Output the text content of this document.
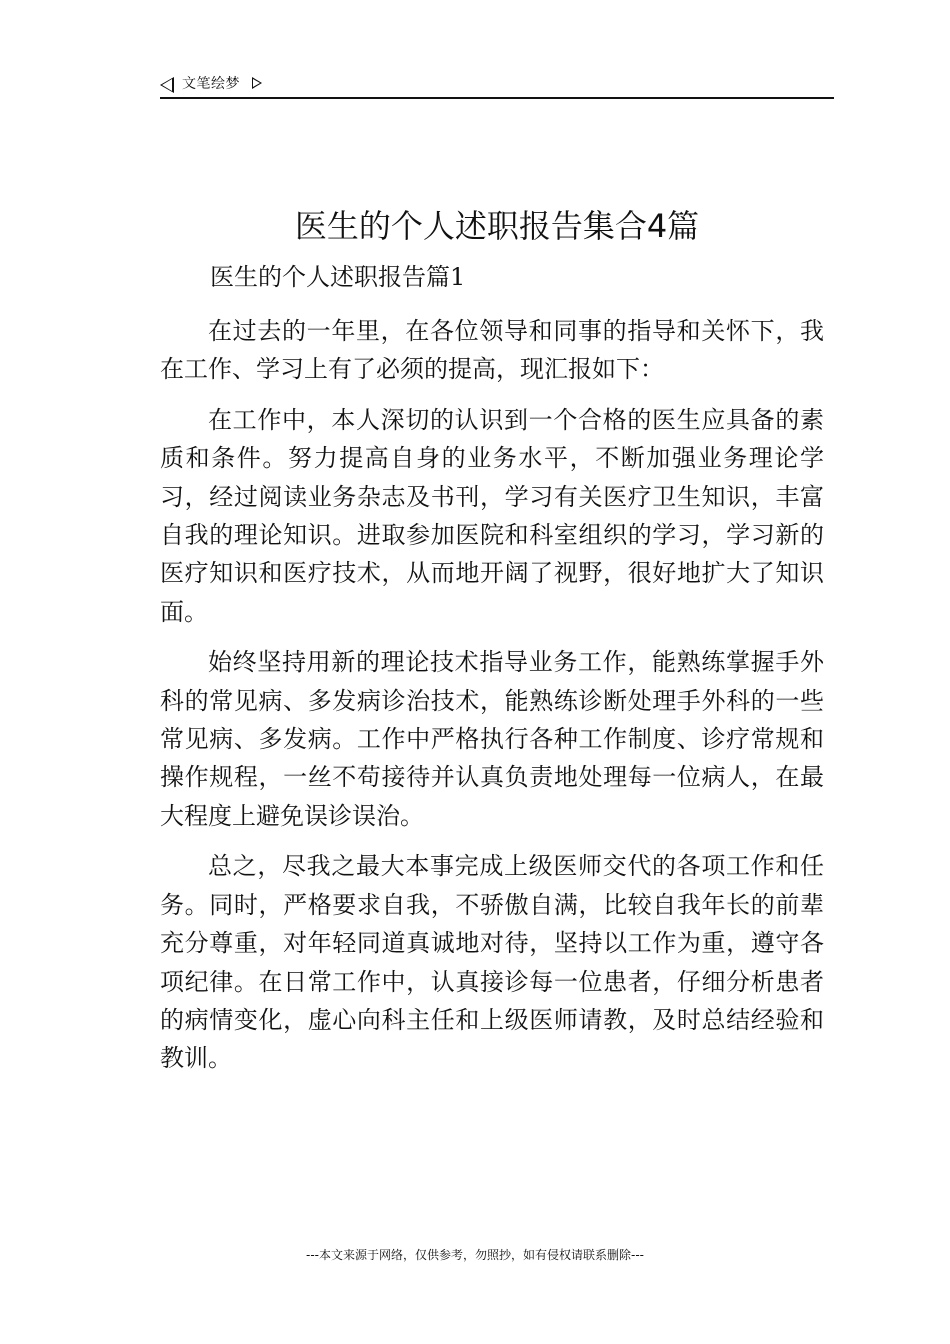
文笔绘梦
医生的个人述职报告集合4篇
医生的个人述职报告篇1

在过去的一年里，在各位领导和同事的指导和关怀下，我在工作、学习上有了必须的提高，现汇报如下：

在工作中，本人深切的认识到一个合格的医生应具备的素质和条件。努力提高自身的业务水平，不断加强业务理论学习，经过阅读业务杂志及书刊，学习有关医疗卫生知识，丰富自我的理论知识。进取参加医院和科室组织的学习，学习新的医疗知识和医疗技术，从而地开阔了视野，很好地扩大了知识面。

始终坚持用新的理论技术指导业务工作，能熟练掌握手外科的常见病、多发病诊治技术，能熟练诊断处理手外科的一些常见病、多发病。工作中严格执行各种工作制度、诊疗常规和操作规程，一丝不苟接待并认真负责地处理每一位病人，在最大程度上避免误诊误治。

总之，尽我之最大本事完成上级医师交代的各项工作和任务。同时，严格要求自我，不骄傲自满，比较自我年长的前辈充分尊重，对年轻同道真诚地对待，坚持以工作为重，遵守各项纪律。在日常工作中，认真接诊每一位患者，仔细分析患者的病情变化，虚心向科主任和上级医师请教，及时总结经验和教训。

---本文来源于网络，仅供参考，勿照抄，如有侵权请联系删除---
